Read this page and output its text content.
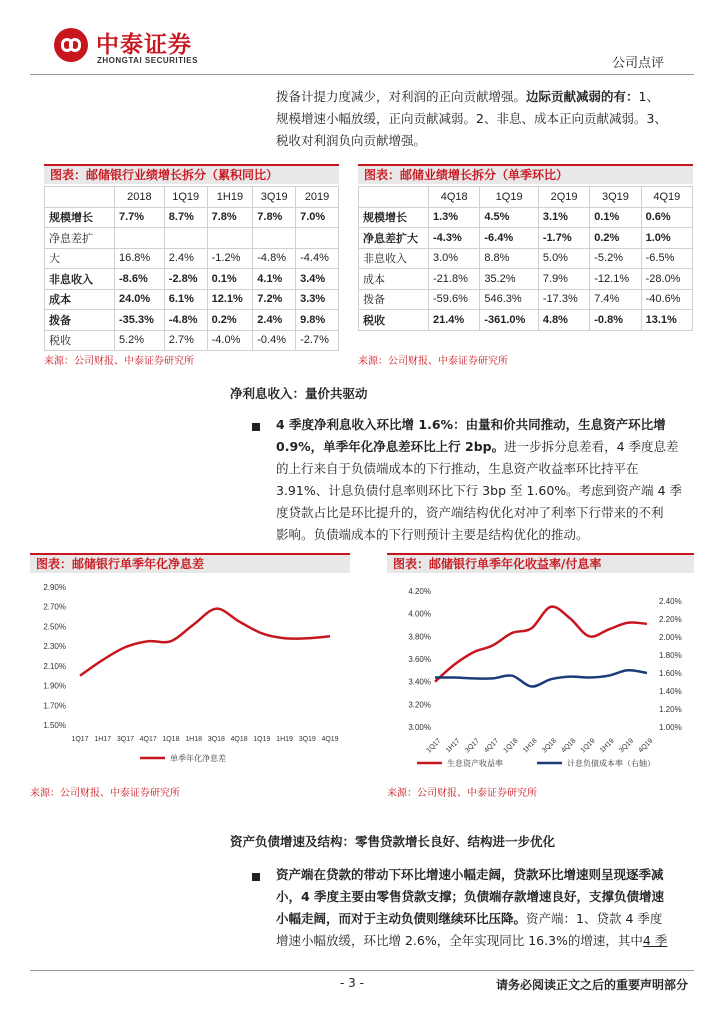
中泰证券
ZHONGTAI SECURITIES	公司点评
拨备计提力度减少，对利润的正向贡献增强。边际贡献减弱的有：1、
规模增速小幅放缓，正向贡献减弱。2、非息、成本正向贡献减弱。3、
税收对利润负向贡献增强。
图表：邮储银行业绩增长拆分（累积同比）
	2018	1Q19	1H19	3Q19	2019
规模增长	7.7%	8.7%	7.8%	7.8%	7.0%
净息差扩					
大	16.8%	2.4%	-1.2%	-4.8%	-4.4%
非息收入	-8.6%	-2.8%	0.1%	4.1%	3.4%
成本	24.0%	6.1%	12.1%	7.2%	3.3%
拨备	-35.3%	-4.8%	0.2%	2.4%	9.8%
税收	5.2%	2.7%	-4.0%	-0.4%	-2.7%
来源：公司财报、中泰证券研究所
图表：邮储业绩增长拆分（单季环比）
	4Q18	1Q19	2Q19	3Q19	4Q19
规模增长	1.3%	4.5%	3.1%	0.1%	0.6%
净息差扩大	-4.3%	-6.4%	-1.7%	0.2%	1.0%
非息收入	3.0%	8.8%	5.0%	-5.2%	-6.5%
成本	-21.8%	35.2%	7.9%	-12.1%	-28.0%
拨备	-59.6%	546.3%	-17.3%	7.4%	-40.6%
税收	21.4%	-361.0%	4.8%	-0.8%	13.1%
来源：公司财报、中泰证券研究所
净利息收入：量价共驱动
4 季度净利息收入环比增 1.6%：由量和价共同推动，生息资产环比增
0.9%，单季年化净息差环比上行 2bp。进一步拆分息差看，4 季度息差
的上行来自于负债端成本的下行推动，生息资产收益率环比持平在
3.91%、计息负债付息率则环比下行 3bp 至 1.60%。考虑到资产端 4 季
度贷款占比是环比提升的，资产端结构优化对冲了利率下行带来的不利
影响。负债端成本的下行则预计主要是结构优化的推动。
图表：邮储银行单季年化净息差
2.90%
2.70%
2.50%
2.30%
2.10%
1.90%
1.70%
1.50%
1Q17 1H17 3Q17 4Q17 1Q18 1H18 3Q18 4Q18 1Q19 1H19 3Q19 4Q19
单季年化净息差
来源：公司财报、中泰证券研究所
图表：邮储银行单季年化收益率/付息率
4.20%
4.00%
3.80%
3.60%
3.40%
3.20%
3.00%
2.40%
2.20%
2.00%
1.80%
1.60%
1.40%
1.20%
1.00%
1Q17 1H17 3Q17 4Q17 1Q18 1H18 3Q18 4Q18 1Q19 1H19 3Q19 4Q19
生息资产收益率	计息负债成本率（右轴）
来源：公司财报、中泰证券研究所
资产负债增速及结构：零售贷款增长良好、结构进一步优化
资产端在贷款的带动下环比增速小幅走阔，贷款环比增速则呈现逐季减
小，4 季度主要由零售贷款支撑；负债端存款增速良好，支撑负债增速
小幅走阔，而对于主动负债则继续环比压降。资产端：1、贷款 4 季度
增速小幅放缓，环比增 2.6%，全年实现同比 16.3%的增速，其中4 季
- 3 -	请务必阅读正文之后的重要声明部分
